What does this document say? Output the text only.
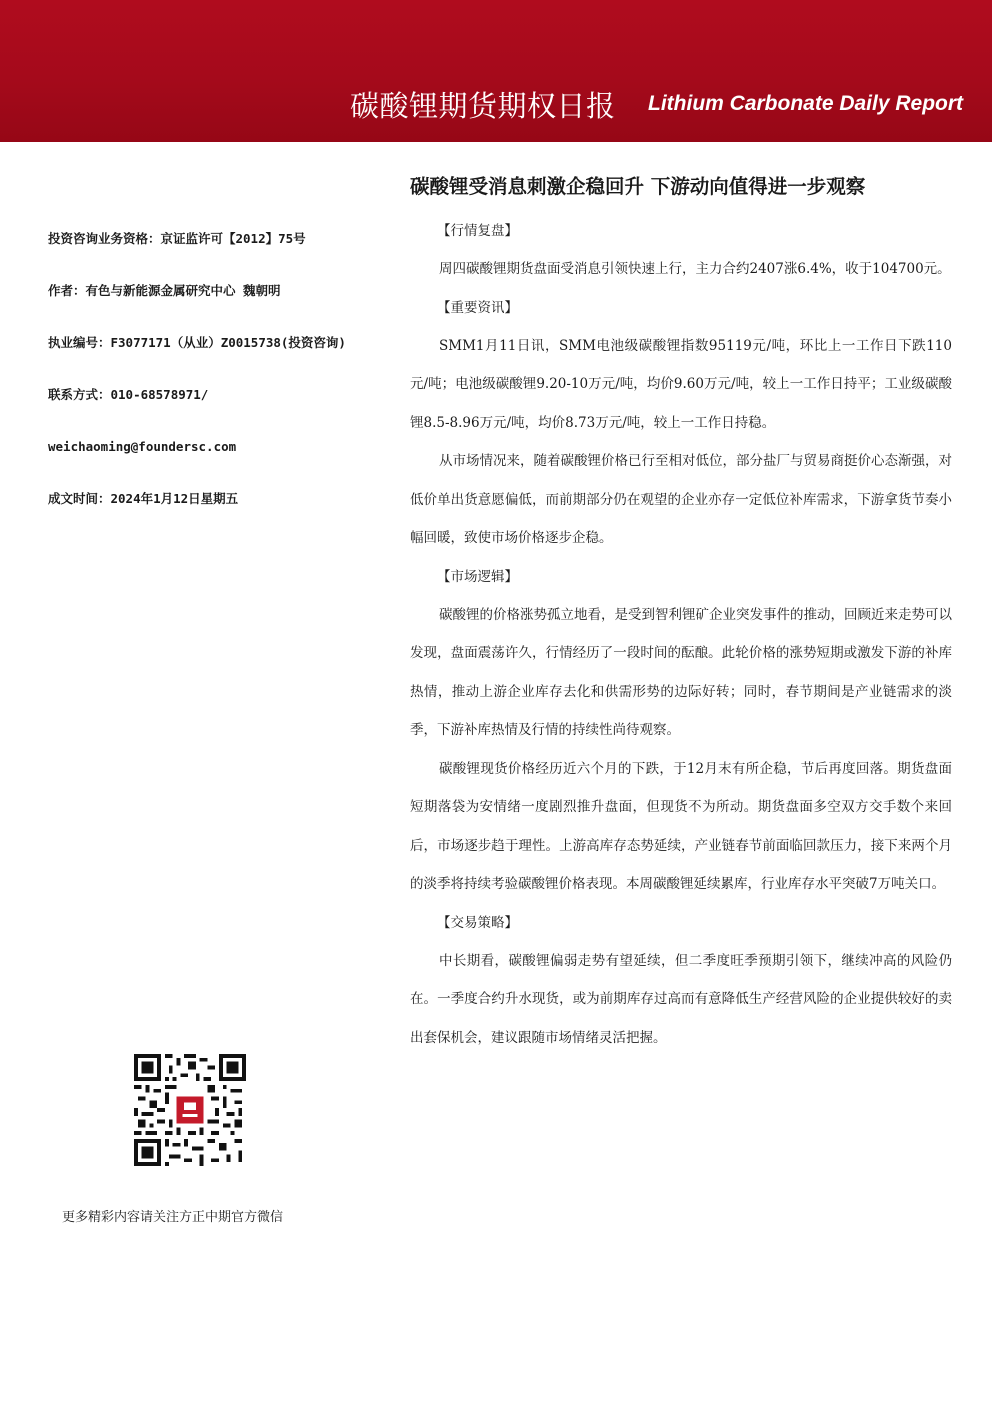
碳酸锂期货期权日报 Lithium Carbonate Daily Report

投资咨询业务资格：京证监许可【2012】75号

作者：有色与新能源金属研究中心 魏朝明

执业编号：F3077171（从业）Z0015738(投资咨询)

联系方式：010-68578971/

weichaoming@foundersc.com

成文时间：2024年1月12日星期五

更多精彩内容请关注方正中期官方微信
碳酸锂受消息刺激企稳回升 下游动向值得进一步观察

【行情复盘】

周四碳酸锂期货盘面受消息引领快速上行，主力合约2407涨6.4%，收于104700元。

【重要资讯】

SMM1月11日讯，SMM电池级碳酸锂指数95119元/吨，环比上一工作日下跌110元/吨；电池级碳酸锂9.20-10万元/吨，均价9.60万元/吨，较上一工作日持平；工业级碳酸锂8.5-8.96万元/吨，均价8.73万元/吨，较上一工作日持稳。

从市场情况来，随着碳酸锂价格已行至相对低位，部分盐厂与贸易商挺价心态渐强，对低价单出货意愿偏低，而前期部分仍在观望的企业亦存一定低位补库需求，下游拿货节奏小幅回暖，致使市场价格逐步企稳。

【市场逻辑】

碳酸锂的价格涨势孤立地看，是受到智利锂矿企业突发事件的推动，回顾近来走势可以发现，盘面震荡许久，行情经历了一段时间的酝酿。此轮价格的涨势短期或激发下游的补库热情，推动上游企业库存去化和供需形势的边际好转；同时，春节期间是产业链需求的淡季，下游补库热情及行情的持续性尚待观察。

碳酸锂现货价格经历近六个月的下跌，于12月末有所企稳，节后再度回落。期货盘面短期落袋为安情绪一度剧烈推升盘面，但现货不为所动。期货盘面多空双方交手数个来回后，市场逐步趋于理性。上游高库存态势延续，产业链春节前面临回款压力，接下来两个月的淡季将持续考验碳酸锂价格表现。本周碳酸锂延续累库，行业库存水平突破7万吨关口。

【交易策略】

中长期看，碳酸锂偏弱走势有望延续，但二季度旺季预期引领下，继续冲高的风险仍在。一季度合约升水现货，或为前期库存过高而有意降低生产经营风险的企业提供较好的卖出套保机会，建议跟随市场情绪灵活把握。
